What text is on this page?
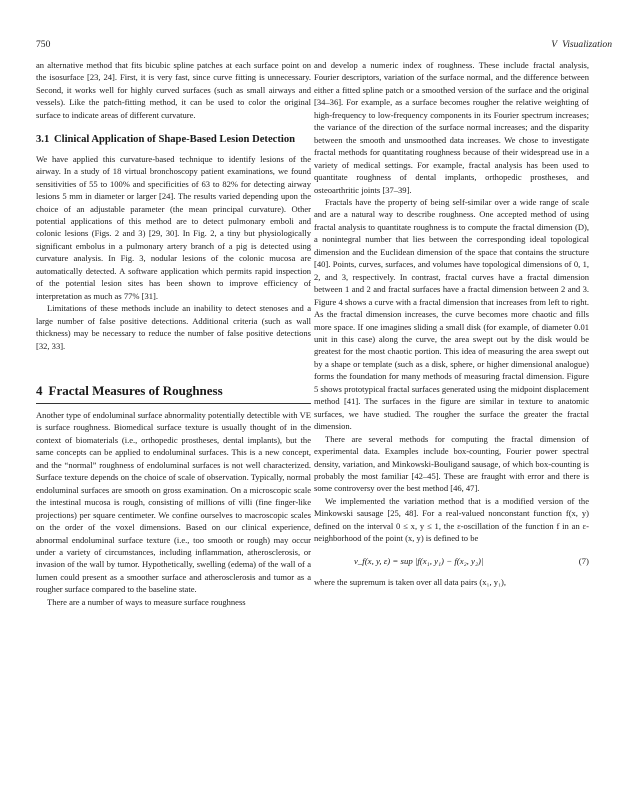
750	V Visualization

an alternative method that fits bicubic spline patches at each surface point on the isosurface [23, 24]. First, it is very fast, since curve fitting is unnecessary. Second, it works well for highly curved surfaces (such as small airways and vessels). Like the patch-fitting method, it can be used to color the original surface to indicate areas of different curvature.

3.1 Clinical Application of Shape-Based Lesion Detection

We have applied this curvature-based technique to identify lesions of the airway. In a study of 18 virtual bronchoscopy patient examinations, we found sensitivities of 55 to 100% and specificities of 63 to 82% for detecting airway lesions 5 mm in diameter or larger [24]. The results varied depending upon the choice of an adjustable parameter (the mean principal curvature). Other potential applications of this method are to detect pulmonary emboli and colonic lesions (Figs. 2 and 3) [29, 30]. In Fig. 2, a tiny but physiologically significant embolus in a pulmonary artery branch of a pig is detected using curvature analysis. In Fig. 3, nodular lesions of the colonic mucosa are automatically detected. A software application which permits rapid inspection of the potential lesion sites has been shown to improve efficiency of interpretation as much as 77% [31].

Limitations of these methods include an inability to detect stenoses and a large number of false positive detections. Additional criteria (such as wall thickness) may be necessary to reduce the number of false positive detections [32, 33].

4 Fractal Measures of Roughness

Another type of endoluminal surface abnormality potentially detectible with VE is surface roughness. Biomedical surface texture is usually thought of in the context of biomaterials (i.e., orthopedic prostheses, dental implants), but the same concepts can be applied to endoluminal surfaces. This is a new concept, and the “normal” roughness of endoluminal surfaces is not well characterized. Surface texture depends on the choice of scale of observation. Typically, normal endoluminal surfaces are smooth on gross examination. On a microscopic scale the intestinal mucosa is rough, consisting of millions of villi (fine finger-like projections) per square centimeter. We confine ourselves to macroscopic scales on the order of the voxel dimensions. Based on our clinical experience, abnormal endoluminal surface texture (i.e., too smooth or rough) may occur under a variety of circumstances, including inflammation, atherosclerosis, or invasion of the wall by tumor. Hypothetically, swelling (edema) of the wall of a lumen could present as a smoother surface and atherosclerosis and tumor as a rougher surface compared to the baseline state.

There are a number of ways to measure surface roughness

and develop a numeric index of roughness. These include fractal analysis, Fourier descriptors, variation of the surface normal, and the difference between either a fitted spline patch or a smoothed version of the surface and the original [34–36]. For example, as a surface becomes rougher the relative weighting of high-frequency to low-frequency components in its Fourier spectrum increases; the variance of the direction of the surface normal increases; and the disparity between the smooth and unsmoothed data increases. We chose to investigate fractal methods for quantitating roughness because of their widespread use in a variety of medical settings. For example, fractal analysis has been used to quantitate roughness of dental implants, orthopedic prostheses, and osteoarthritic joints [37–39].

Fractals have the property of being self-similar over a wide range of scale and are a natural way to describe roughness. One accepted method of using fractal analysis to quantitate roughness is to compute the fractal dimension (D), a nonintegral number that lies between the corresponding ideal topological dimension and the Euclidean dimension of the space that contains the structure [40]. Points, curves, surfaces, and volumes have topological dimensions of 0, 1, 2, and 3, respectively. In contrast, fractal curves have a fractal dimension between 1 and 2 and fractal surfaces have a fractal dimension between 2 and 3. Figure 4 shows a curve with a fractal dimension that increases from left to right. As the fractal dimension increases, the curve becomes more chaotic and fills more space. If one imagines sliding a small disk (for example, of diameter 0.01 unit in this case) along the curve, the area swept out by the disk would be greatest for the most chaotic portion. This idea of measuring the area swept out by a shape or template (such as a disk, sphere, or higher dimensional analogue) forms the foundation for many methods of measuring fractal dimension. Figure 5 shows prototypical fractal surfaces generated using the midpoint displacement method [41]. The surfaces in the figure are similar in texture to anatomic surfaces, we have studied. The rougher the surface the greater the fractal dimension.

There are several methods for computing the fractal dimension of experimental data. Examples include box-counting, Fourier power spectral density, variation, and Minkowski-Bouligand sausage, of which box-counting is probably the most familiar [42–45]. These are fraught with error and there is some controversy over the best method [46, 47].

We implemented the variation method that is a modified version of the Minkowski sausage [25, 48]. For a real-valued nonconstant function f(x, y) defined on the interval 0 ≤ x, y ≤ 1, the ε-oscillation of the function f in an ε-neighborhood of the point (x, y) is defined to be

v_f(x, y, ε) = sup |f(x₁, y₁) − f(x₂, y₂)|	(7)

where the supremum is taken over all data pairs (x₁, y₁),
